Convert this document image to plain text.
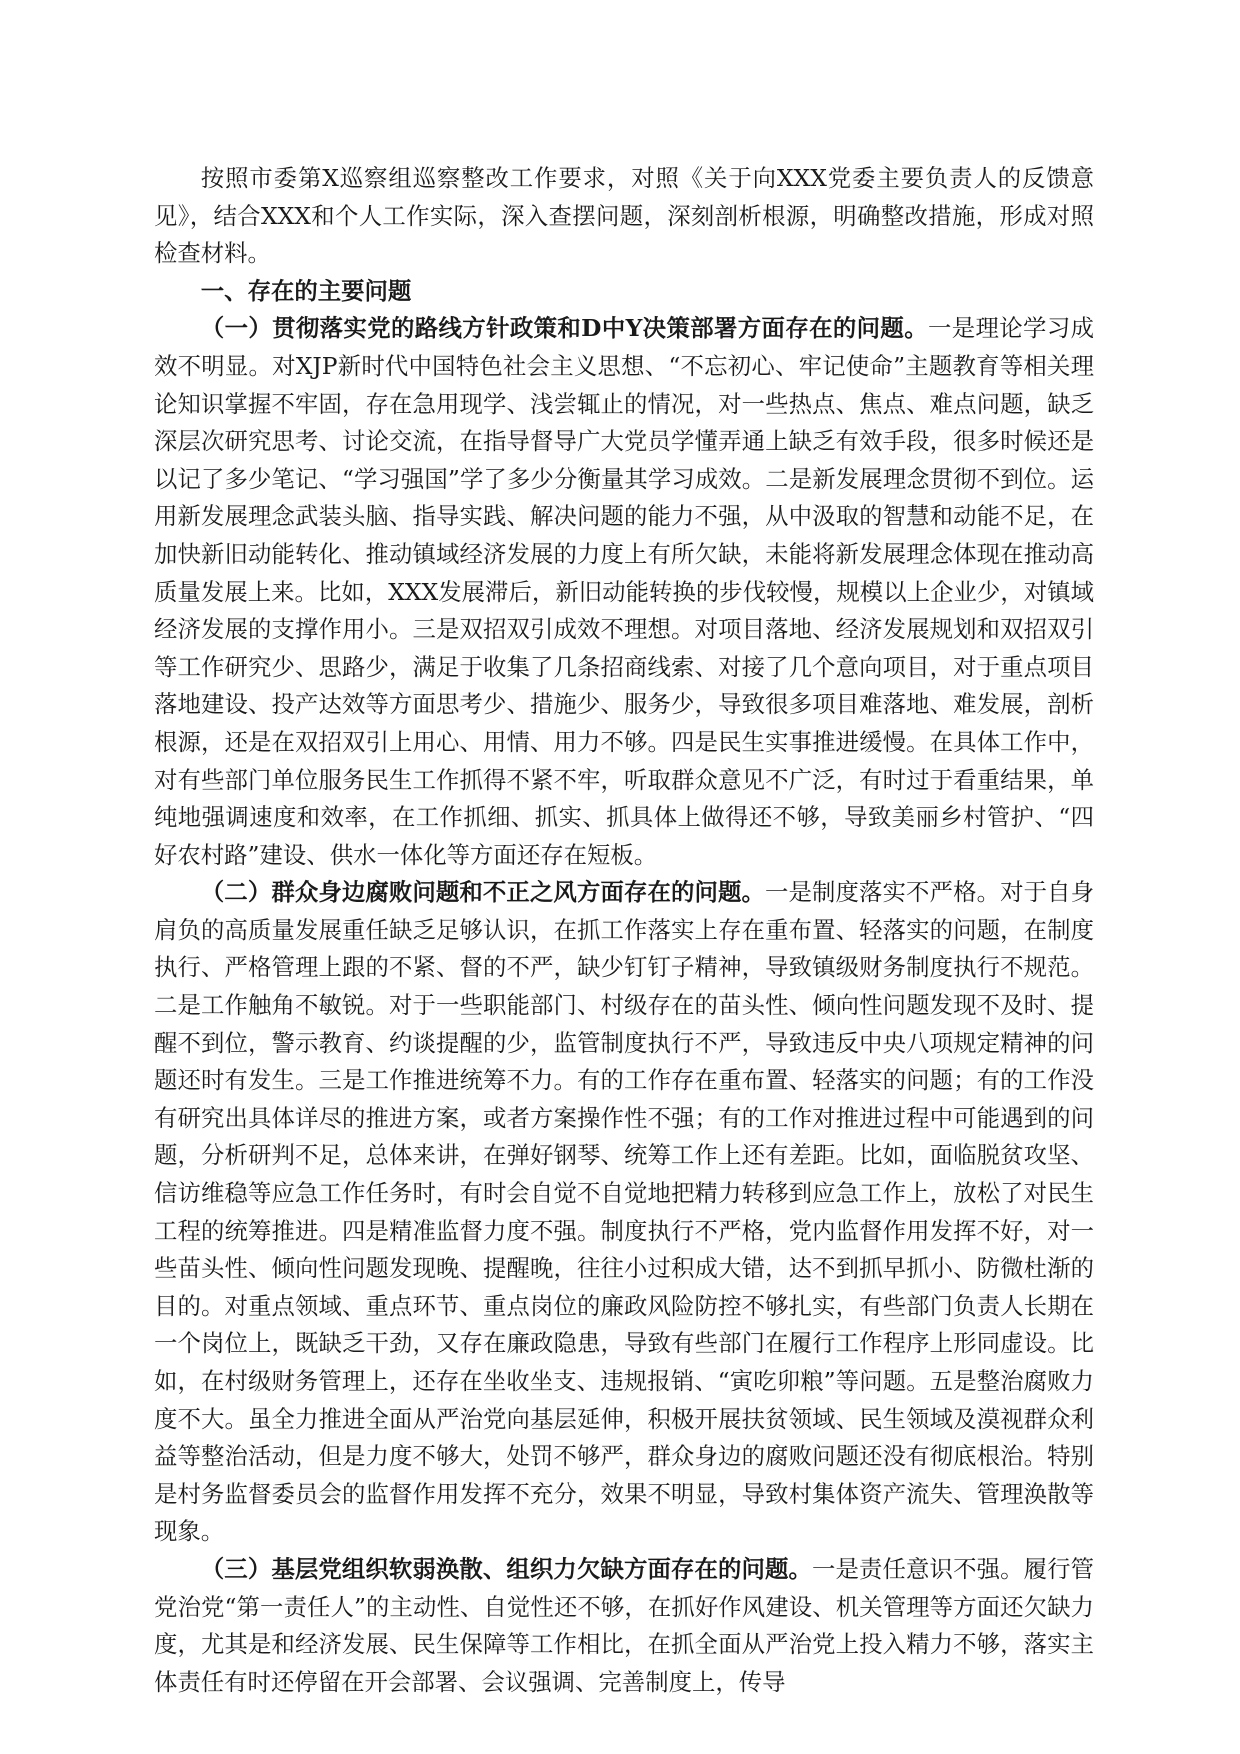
按照市委第X巡察组巡察整改工作要求，对照《关于向XXX党委主要负责人的反馈意见》，结合XXX和个人工作实际，深入查摆问题，深刻剖析根源，明确整改措施，形成对照检查材料。

一、存在的主要问题

（一）贯彻落实党的路线方针政策和D中Y决策部署方面存在的问题。一是理论学习成效不明显。对XJP新时代中国特色社会主义思想、“不忘初心、牢记使命”主题教育等相关理论知识掌握不牢固，存在急用现学、浅尝辄止的情况，对一些热点、焦点、难点问题，缺乏深层次研究思考、讨论交流，在指导督导广大党员学懂弄通上缺乏有效手段，很多时候还是以记了多少笔记、“学习强国”学了多少分衡量其学习成效。二是新发展理念贯彻不到位。运用新发展理念武装头脑、指导实践、解决问题的能力不强，从中汲取的智慧和动能不足，在加快新旧动能转化、推动镇域经济发展的力度上有所欠缺，未能将新发展理念体现在推动高质量发展上来。比如，XXX发展滞后，新旧动能转换的步伐较慢，规模以上企业少，对镇域经济发展的支撑作用小。三是双招双引成效不理想。对项目落地、经济发展规划和双招双引等工作研究少、思路少，满足于收集了几条招商线索、对接了几个意向项目，对于重点项目落地建设、投产达效等方面思考少、措施少、服务少，导致很多项目难落地、难发展，剖析根源，还是在双招双引上用心、用情、用力不够。四是民生实事推进缓慢。在具体工作中，对有些部门单位服务民生工作抓得不紧不牢，听取群众意见不广泛，有时过于看重结果，单纯地强调速度和效率，在工作抓细、抓实、抓具体上做得还不够，导致美丽乡村管护、“四好农村路”建设、供水一体化等方面还存在短板。

（二）群众身边腐败问题和不正之风方面存在的问题。一是制度落实不严格。对于自身肩负的高质量发展重任缺乏足够认识，在抓工作落实上存在重布置、轻落实的问题，在制度执行、严格管理上跟的不紧、督的不严，缺少钉钉子精神，导致镇级财务制度执行不规范。二是工作触角不敏锐。对于一些职能部门、村级存在的苗头性、倾向性问题发现不及时、提醒不到位，警示教育、约谈提醒的少，监管制度执行不严，导致违反中央八项规定精神的问题还时有发生。三是工作推进统筹不力。有的工作存在重布置、轻落实的问题；有的工作没有研究出具体详尽的推进方案，或者方案操作性不强；有的工作对推进过程中可能遇到的问题，分析研判不足，总体来讲，在弹好钢琴、统筹工作上还有差距。比如，面临脱贫攻坚、信访维稳等应急工作任务时，有时会自觉不自觉地把精力转移到应急工作上，放松了对民生工程的统筹推进。四是精准监督力度不强。制度执行不严格，党内监督作用发挥不好，对一些苗头性、倾向性问题发现晚、提醒晚，往往小过积成大错，达不到抓早抓小、防微杜渐的目的。对重点领域、重点环节、重点岗位的廉政风险防控不够扎实，有些部门负责人长期在一个岗位上，既缺乏干劲，又存在廉政隐患，导致有些部门在履行工作程序上形同虚设。比如，在村级财务管理上，还存在坐收坐支、违规报销、“寅吃卯粮”等问题。五是整治腐败力度不大。虽全力推进全面从严治党向基层延伸，积极开展扶贫领域、民生领域及漠视群众利益等整治活动，但是力度不够大，处罚不够严，群众身边的腐败问题还没有彻底根治。特别是村务监督委员会的监督作用发挥不充分，效果不明显，导致村集体资产流失、管理涣散等现象。

（三）基层党组织软弱涣散、组织力欠缺方面存在的问题。一是责任意识不强。履行管党治党“第一责任人”的主动性、自觉性还不够，在抓好作风建设、机关管理等方面还欠缺力度，尤其是和经济发展、民生保障等工作相比，在抓全面从严治党上投入精力不够，落实主体责任有时还停留在开会部署、会议强调、完善制度上，传导
